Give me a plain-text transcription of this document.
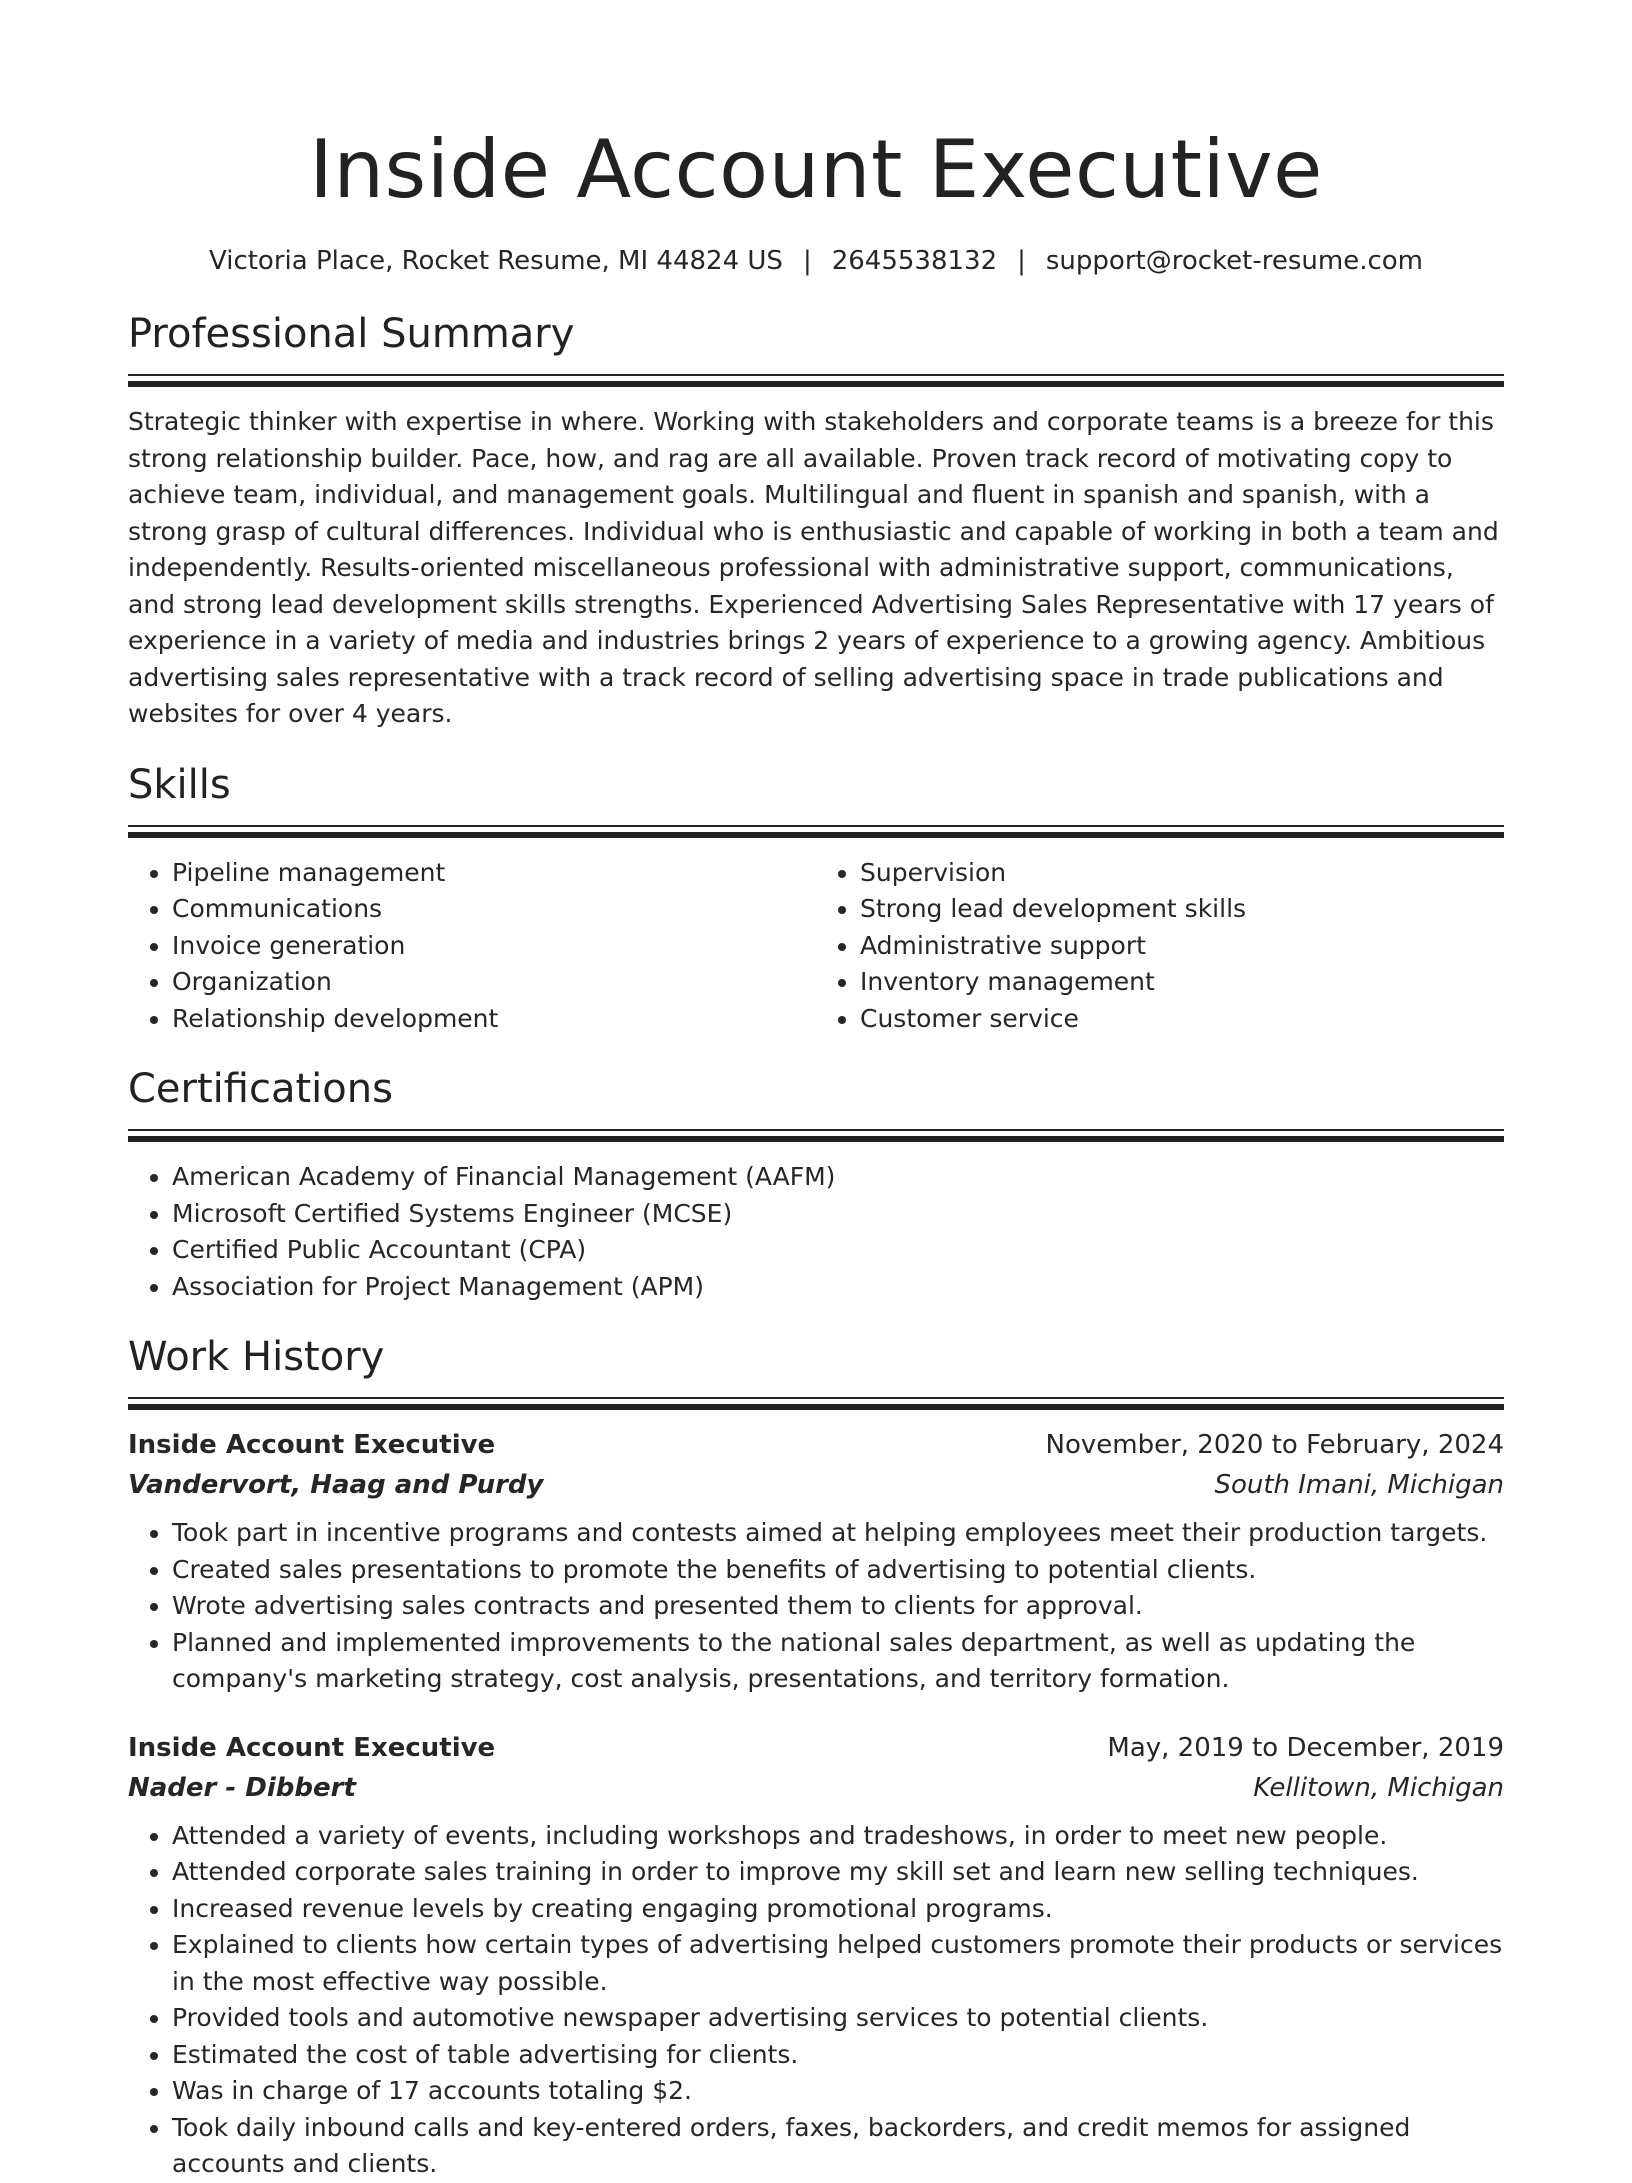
Inside Account Executive
Victoria Place, Rocket Resume, MI 44824 US | 2645538132 | support@rocket-resume.com
Professional Summary

Strategic thinker with expertise in where. Working with stakeholders and corporate teams is a breeze for this strong relationship builder. Pace, how, and rag are all available. Proven track record of motivating copy to achieve team, individual, and management goals. Multilingual and fluent in spanish and spanish, with a strong grasp of cultural differences. Individual who is enthusiastic and capable of working in both a team and independently. Results-oriented miscellaneous professional with administrative support, communications, and strong lead development skills strengths. Experienced Advertising Sales Representative with 17 years of experience in a variety of media and industries brings 2 years of experience to a growing agency. Ambitious advertising sales representative with a track record of selling advertising space in trade publications and websites for over 4 years.

Skills
• Pipeline management
• Communications
• Invoice generation
• Organization
• Relationship development
• Supervision
• Strong lead development skills
• Administrative support
• Inventory management
• Customer service
Certifications
• American Academy of Financial Management (AAFM)
• Microsoft Certified Systems Engineer (MCSE)
• Certified Public Accountant (CPA)
• Association for Project Management (APM)
Work History
Inside Account Executive	November, 2020 to February, 2024
Vandervort, Haag and Purdy	South Imani, Michigan
• Took part in incentive programs and contests aimed at helping employees meet their production targets.
• Created sales presentations to promote the benefits of advertising to potential clients.
• Wrote advertising sales contracts and presented them to clients for approval.
• Planned and implemented improvements to the national sales department, as well as updating the company's marketing strategy, cost analysis, presentations, and territory formation.
Inside Account Executive	May, 2019 to December, 2019
Nader - Dibbert	Kellitown, Michigan
• Attended a variety of events, including workshops and tradeshows, in order to meet new people.
• Attended corporate sales training in order to improve my skill set and learn new selling techniques.
• Increased revenue levels by creating engaging promotional programs.
• Explained to clients how certain types of advertising helped customers promote their products or services in the most effective way possible.
• Provided tools and automotive newspaper advertising services to potential clients.
• Estimated the cost of table advertising for clients.
• Was in charge of 17 accounts totaling $2.
• Took daily inbound calls and key-entered orders, faxes, backorders, and credit memos for assigned accounts and clients.
